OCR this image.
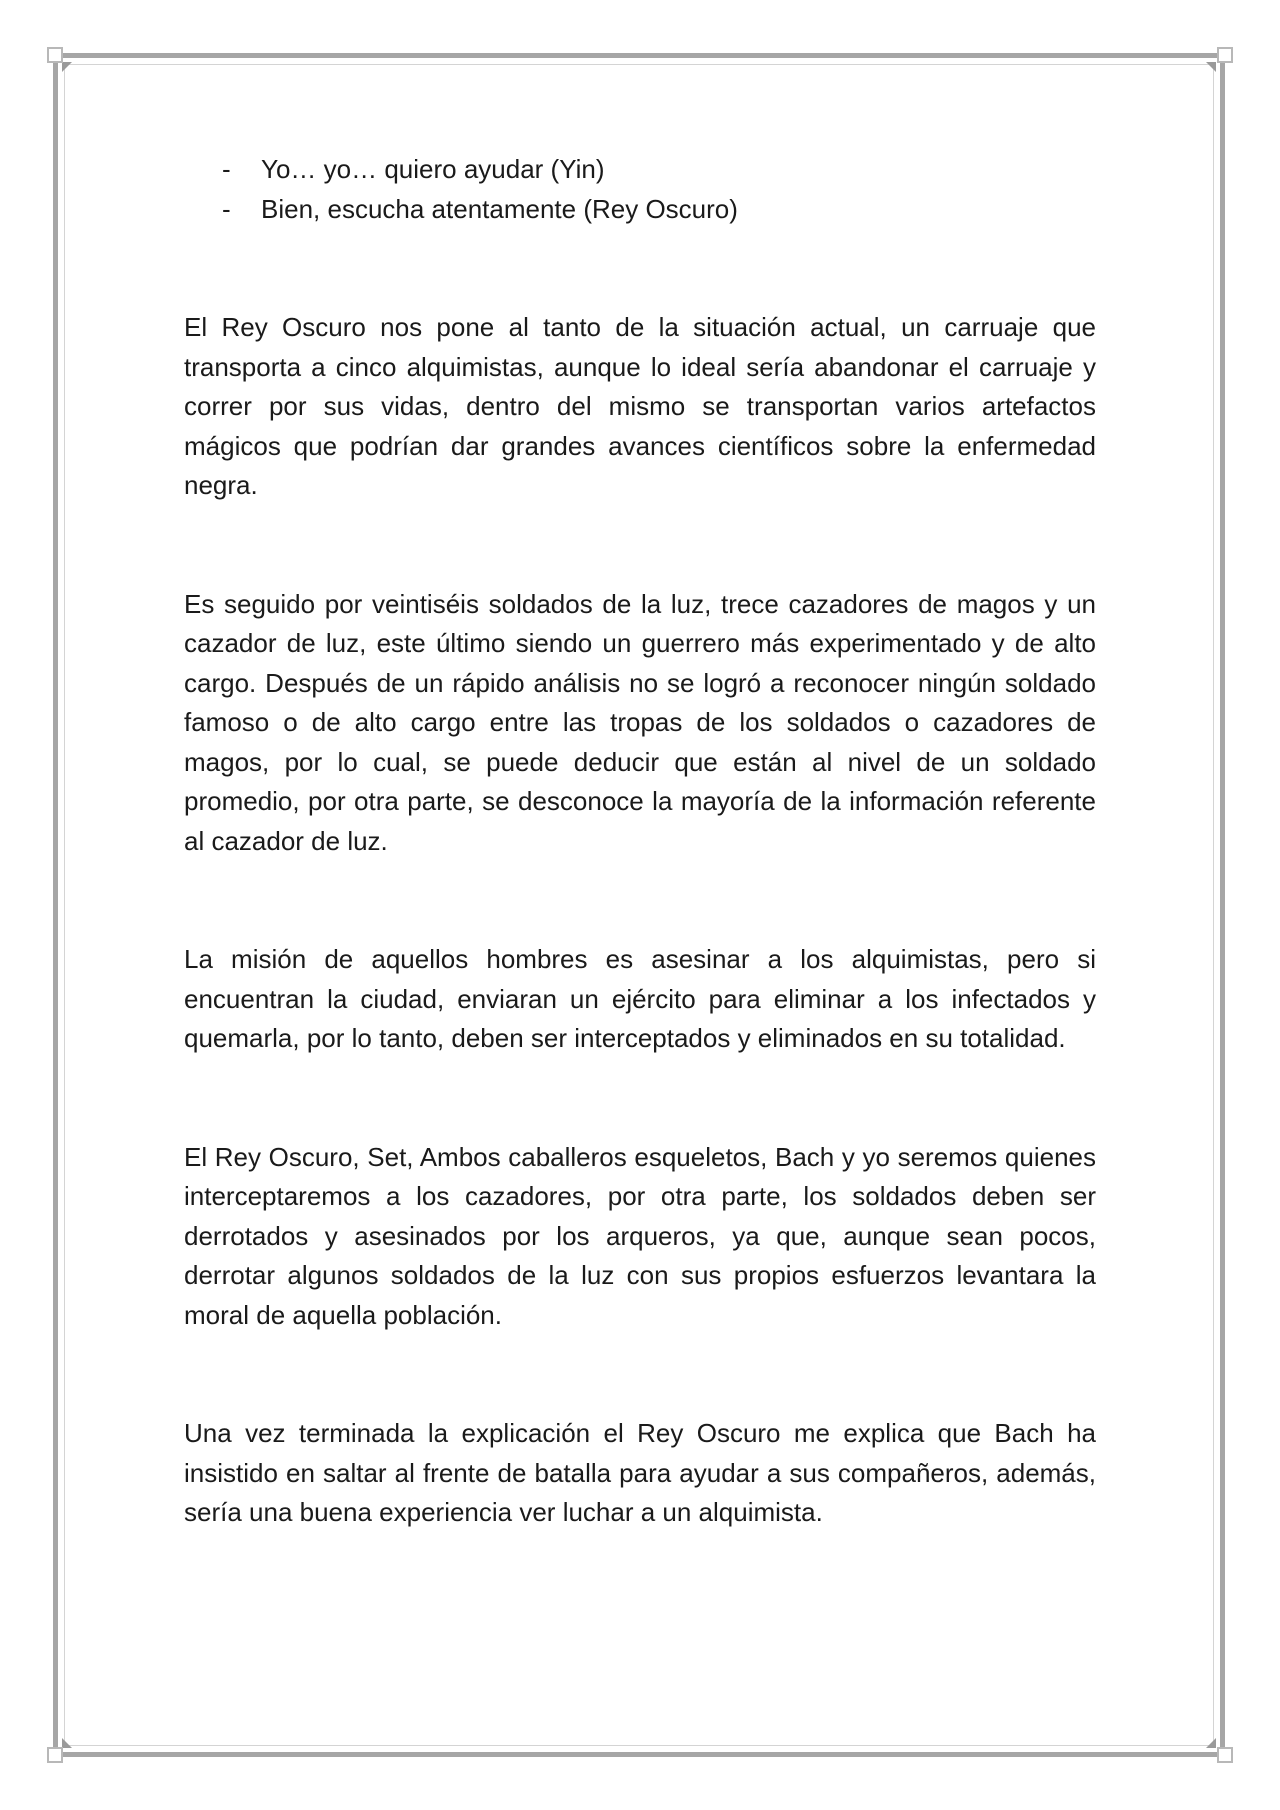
- Yo… yo… quiero ayudar (Yin)
- Bien, escucha atentamente (Rey Oscuro)

El Rey Oscuro nos pone al tanto de la situación actual, un carruaje que transporta a cinco alquimistas, aunque lo ideal sería abandonar el carruaje y correr por sus vidas, dentro del mismo se transportan varios artefactos mágicos que podrían dar grandes avances científicos sobre la enfermedad negra.

Es seguido por veintiséis soldados de la luz, trece cazadores de magos y un cazador de luz, este último siendo un guerrero más experimentado y de alto cargo. Después de un rápido análisis no se logró a reconocer ningún soldado famoso o de alto cargo entre las tropas de los soldados o cazadores de magos, por lo cual, se puede deducir que están al nivel de un soldado promedio, por otra parte, se desconoce la mayoría de la información referente al cazador de luz.

La misión de aquellos hombres es asesinar a los alquimistas, pero si encuentran la ciudad, enviaran un ejército para eliminar a los infectados y quemarla, por lo tanto, deben ser interceptados y eliminados en su totalidad.

El Rey Oscuro, Set, Ambos caballeros esqueletos, Bach y yo seremos quienes interceptaremos a los cazadores, por otra parte, los soldados deben ser derrotados y asesinados por los arqueros, ya que, aunque sean pocos, derrotar algunos soldados de la luz con sus propios esfuerzos levantara la moral de aquella población.

Una vez terminada la explicación el Rey Oscuro me explica que Bach ha insistido en saltar al frente de batalla para ayudar a sus compañeros, además, sería una buena experiencia ver luchar a un alquimista.
